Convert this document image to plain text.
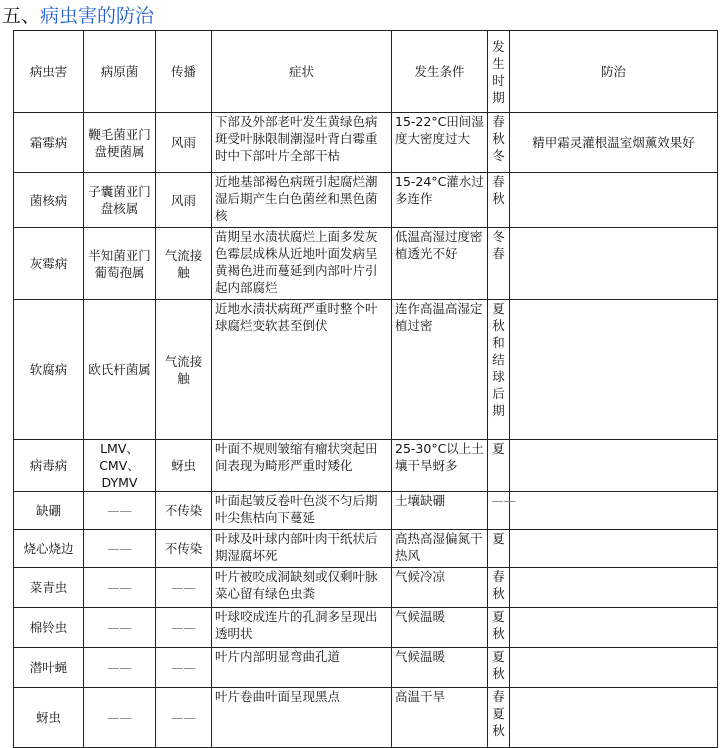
五、病虫害的防治
病虫害	病原菌	传播	症状	发生条件	发生时期	防治
霜霉病	鞭毛菌亚门盘梗菌属	风雨	下部及外部老叶发生黄绿色病斑受叶脉限制潮湿叶背白霉重时中下部叶片全部干枯	15-22°C田间湿度大密度过大	春秋冬	精甲霜灵灌根温室烟薰效果好
菌核病	子囊菌亚门盘核属	风雨	近地基部褐色病斑引起腐烂潮湿后期产生白色菌丝和黑色菌核	15-24°C灌水过多连作	春秋	

灰霉病	半知菌亚门葡萄孢属	气流接触	苗期呈水渍状腐烂上面多发灰色霉层成株从近地叶面发病呈黄褐色进而蔓延到内部叶片引起内部腐烂	低温高湿过度密植透光不好	冬春	

软腐病	欧氏杆菌属	气流接触	近地水渍状病斑严重时整个叶球腐烂变软甚至倒伏	连作高温高湿定植过密	夏秋和结球后期	

病毒病	LMV、CMV、DYMV	蚜虫	叶面不规则皱缩有瘤状突起田间表现为畸形严重时矮化	25-30°C以上土壤干旱蚜多	夏	

缺硼	——	不传染	叶面起皱反卷叶色淡不匀后期叶尖焦枯向下蔓延	土壤缺硼	——	

烧心烧边	——	不传染	叶球及叶球内部叶肉干纸状后期湿腐坏死	高热高湿偏氮干热风	夏	

菜青虫	——	——	叶片被咬成洞缺刻或仅剩叶脉菜心留有绿色虫粪	气候冷凉	春秋	

棉铃虫	——	——	叶球咬成连片的孔洞多呈现出透明状	气候温暖	夏秋	

潜叶蝇	——	——	叶片内部明显弯曲孔道	气候温暖	夏秋	

蚜虫	——	——	叶片卷曲叶面呈现黑点	高温干旱	春夏秋	
